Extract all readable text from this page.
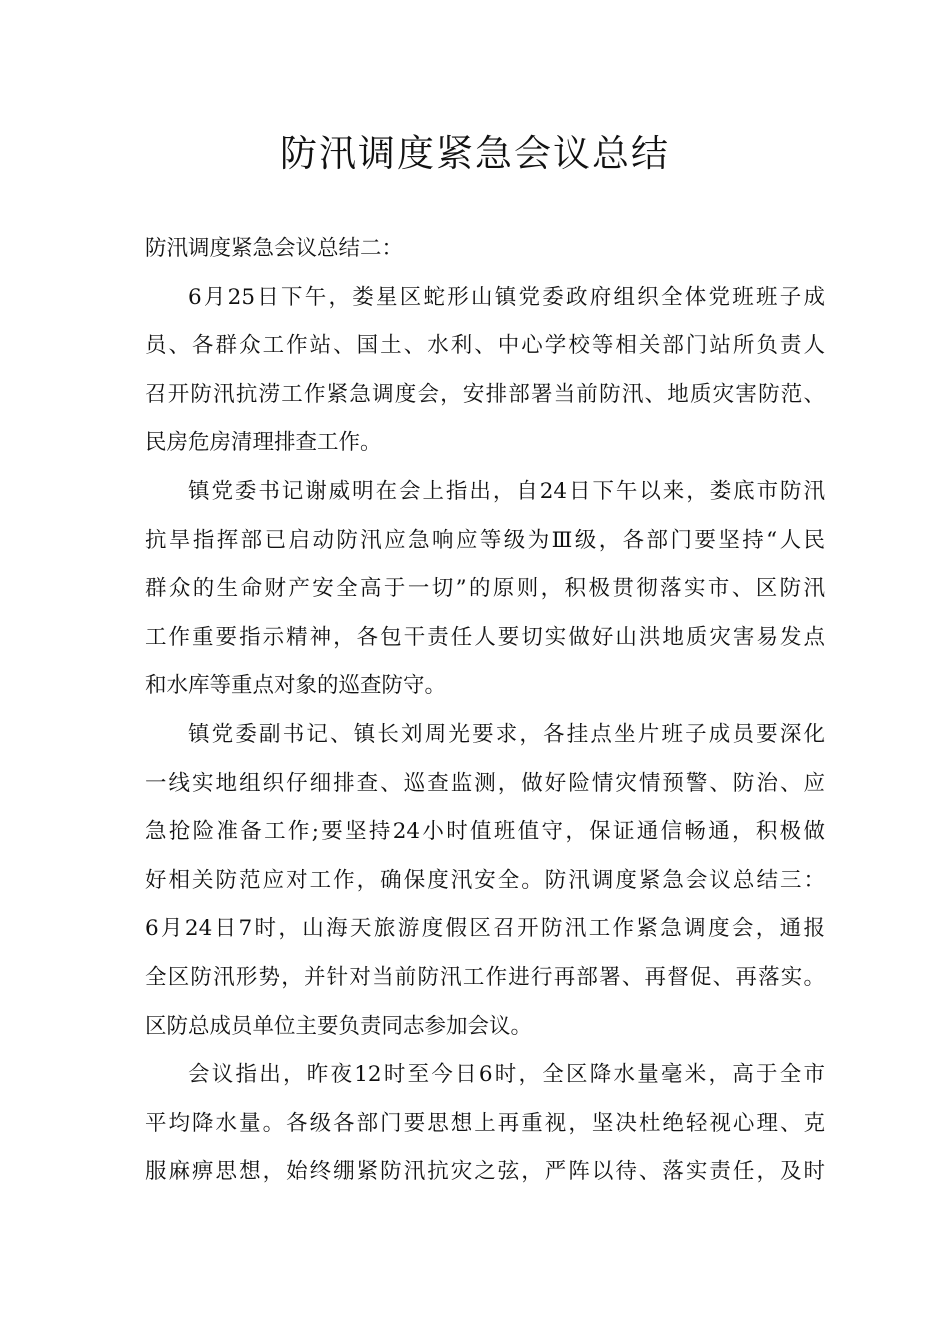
防汛调度紧急会议总结
防汛调度紧急会议总结二：
6月25日下午，娄星区蛇形山镇党委政府组织全体党班班子成
员、各群众工作站、国土、水利、中心学校等相关部门站所负责人
召开防汛抗涝工作紧急调度会，安排部署当前防汛、地质灾害防范、
民房危房清理排查工作。
镇党委书记谢威明在会上指出，自24日下午以来，娄底市防汛
抗旱指挥部已启动防汛应急响应等级为Ⅲ级，各部门要坚持“人民
群众的生命财产安全高于一切”的原则，积极贯彻落实市、区防汛
工作重要指示精神，各包干责任人要切实做好山洪地质灾害易发点
和水库等重点对象的巡查防守。
镇党委副书记、镇长刘周光要求，各挂点坐片班子成员要深化
一线实地组织仔细排查、巡查监测，做好险情灾情预警、防治、应
急抢险准备工作;要坚持24小时值班值守，保证通信畅通，积极做
好相关防范应对工作，确保度汛安全。防汛调度紧急会议总结三：
6月24日7时，山海天旅游度假区召开防汛工作紧急调度会，通报
全区防汛形势，并针对当前防汛工作进行再部署、再督促、再落实。
区防总成员单位主要负责同志参加会议。
会议指出，昨夜12时至今日6时，全区降水量毫米，高于全市
平均降水量。各级各部门要思想上再重视，坚决杜绝轻视心理、克
服麻痹思想，始终绷紧防汛抗灾之弦，严阵以待、落实责任，及时
